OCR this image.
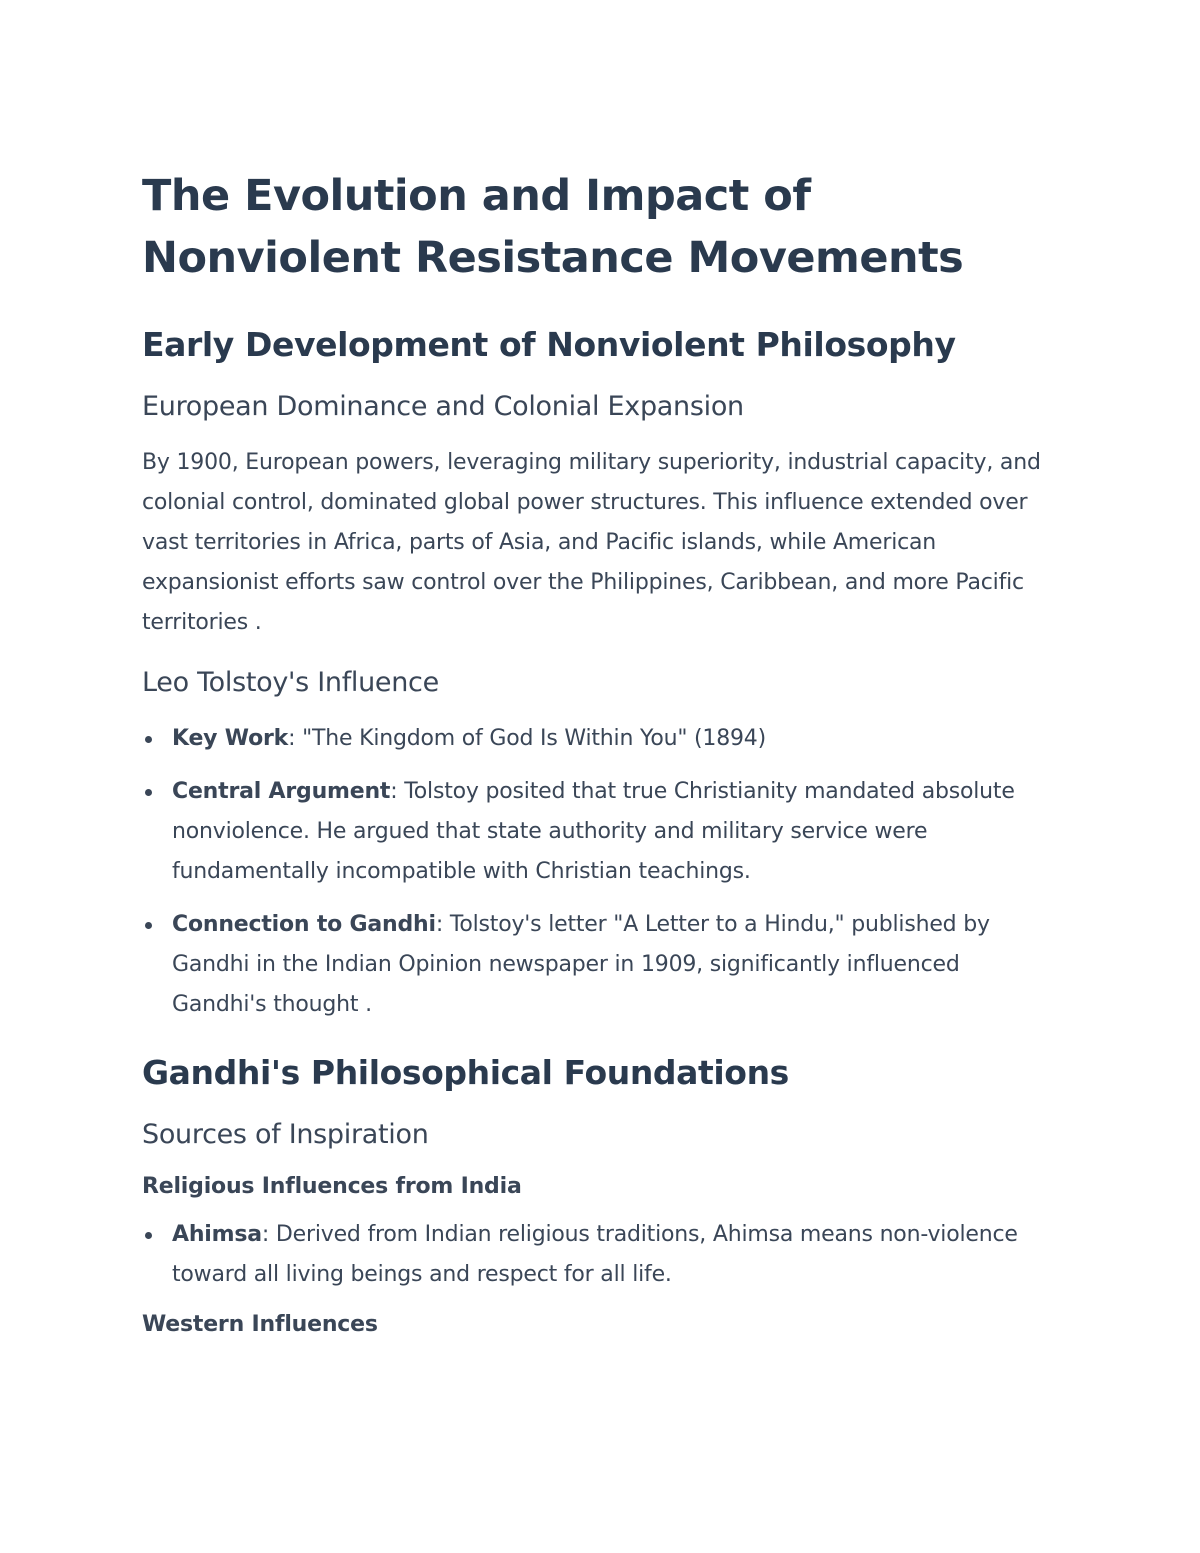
The Evolution and Impact of Nonviolent Resistance Movements
Early Development of Nonviolent Philosophy
European Dominance and Colonial Expansion

By 1900, European powers, leveraging military superiority, industrial capacity, and colonial control, dominated global power structures. This influence extended over vast territories in Africa, parts of Asia, and Pacific islands, while American expansionist efforts saw control over the Philippines, Caribbean, and more Pacific territories .

Leo Tolstoy's Influence
Key Work: "The Kingdom of God Is Within You" (1894)
Central Argument: Tolstoy posited that true Christianity mandated absolute nonviolence. He argued that state authority and military service were fundamentally incompatible with Christian teachings.
Connection to Gandhi: Tolstoy's letter "A Letter to a Hindu," published by Gandhi in the Indian Opinion newspaper in 1909, significantly influenced Gandhi's thought .
Gandhi's Philosophical Foundations
Sources of Inspiration
Religious Influences from India
Ahimsa: Derived from Indian religious traditions, Ahimsa means non-violence toward all living beings and respect for all life.
Western Influences
